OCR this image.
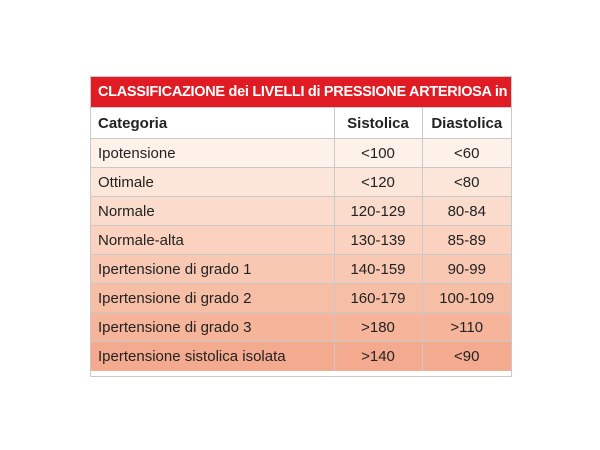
CLASSIFICAZIONE dei LIVELLI di PRESSIONE ARTERIOSA in mmHg
Categoria	Sistolica	Diastolica
Ipotensione	<100	<60
Ottimale	<120	<80
Normale	120-129	80-84
Normale-alta	130-139	85-89
Ipertensione di grado 1	140-159	90-99
Ipertensione di grado 2	160-179	100-109
Ipertensione di grado 3	>180	>110
Ipertensione sistolica isolata	>140	<90
